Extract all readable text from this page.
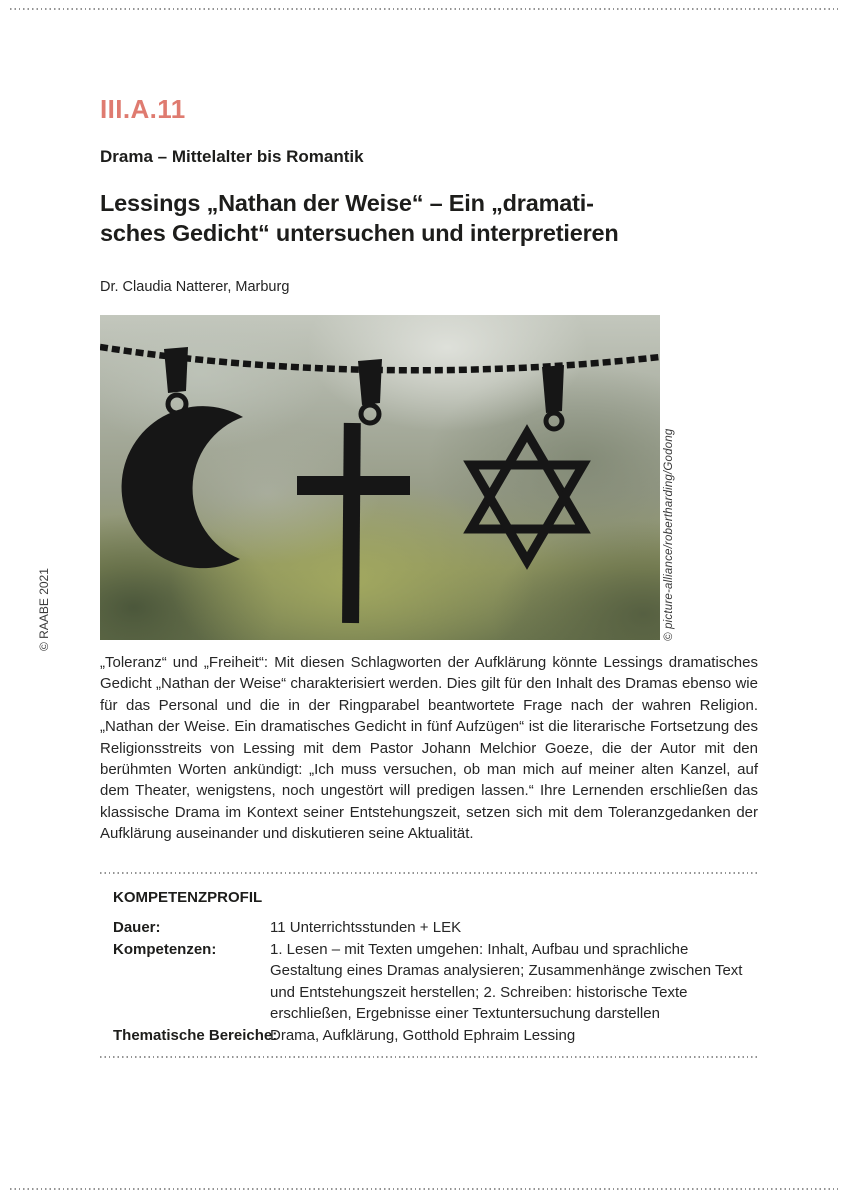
III.A.11
Drama – Mittelalter bis Romantik
Lessings „Nathan der Weise“ – Ein „dramati-
sches Gedicht“ untersuchen und interpretieren
Dr. Claudia Natterer, Marburg
© picture-alliance/robertharding/Godong
© RAABE 2021
„Toleranz“ und „Freiheit“: Mit diesen Schlagworten der Aufklärung könnte Lessings dramatisches Gedicht „Nathan der Weise“ charakterisiert werden. Dies gilt für den Inhalt des Dramas ebenso wie für das Personal und die in der Ringparabel beantwortete Frage nach der wahren Religion. „Nathan der Weise. Ein dramatisches Gedicht in fünf Aufzügen“ ist die literarische Fortsetzung des Religionsstreits von Lessing mit dem Pastor Johann Melchior Goeze, die der Autor mit den berühmten Worten ankündigt: „Ich muss versuchen, ob man mich auf meiner alten Kanzel, auf dem Theater, wenigstens, noch ungestört will predigen lassen.“ Ihre Lernenden erschließen das klassische Drama im Kontext seiner Entstehungszeit, setzen sich mit dem Toleranzgedanken der Aufklärung auseinander und diskutieren seine Aktualität.
KOMPETENZPROFIL
Dauer:	11 Unterrichtsstunden + LEK
Kompetenzen:	1. Lesen – mit Texten umgehen: Inhalt, Aufbau und sprachliche Gestaltung eines Dramas analysieren; Zusammenhänge zwischen Text und Entstehungszeit herstellen; 2. Schreiben: historische Texte erschließen, Ergebnisse einer Textuntersuchung darstellen
Thematische Bereiche:
Drama, Aufklärung, Gotthold Ephraim Lessing
